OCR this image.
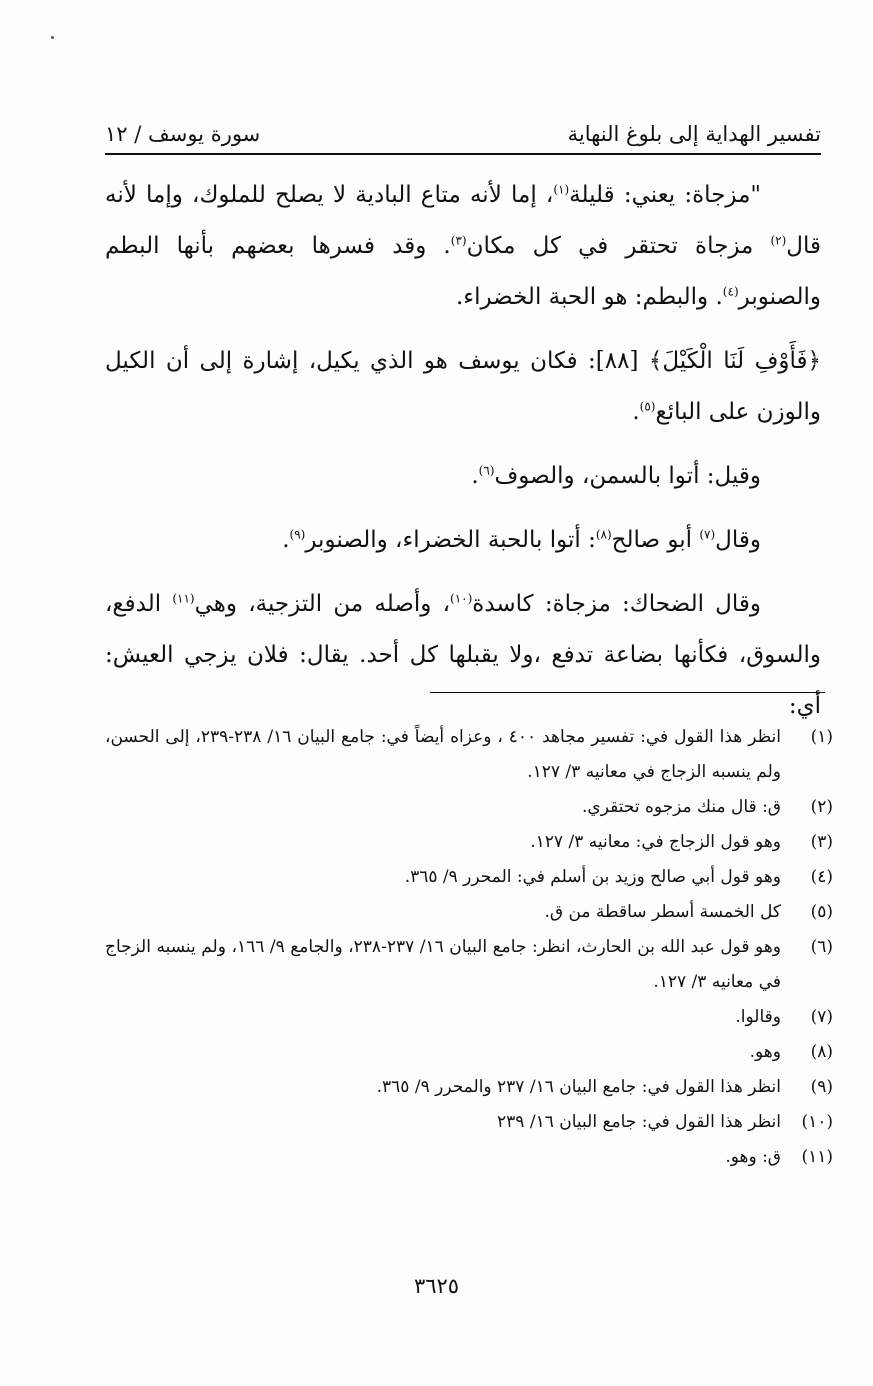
تفسير الهداية إلى بلوغ النهاية
سورة يوسف / ١٢

"مزجاة: يعني: قليلة$^{(١)}$، إما لأنه متاع البادية لا يصلح للملوك، وإما لأنه قال$^{(٢)}$ مزجاة تحتقر في كل مكان$^{(٣)}$. وقد فسرها بعضهم بأنها البطم والصنوبر$^{(٤)}$. والبطم: هو الحبة الخضراء.

﴿فَأَوْفِ لَنَا الْكَيْلَ﴾ [٨٨]: فكان يوسف هو الذي يكيل، إشارة إلى أن الكيل والوزن على البائع$^{(٥)}$.

وقيل: أتوا بالسمن، والصوف$^{(٦)}$.

وقال$^{(٧)}$ أبو صالح$^{(٨)}$: أتوا بالحبة الخضراء، والصنوبر$^{(٩)}$.

وقال الضحاك: مزجاة: كاسدة$^{(١٠)}$، وأصله من التزجية، وهي$^{(١١)}$ الدفع، والسوق، فكأنها بضاعة تدفع ،ولا يقبلها كل أحد. يقال: فلان يزجي العيش: أي:

(١)
انظر هذا القول في: تفسير مجاهد ٤٠٠ ، وعزاه أيضاً في: جامع البيان ١٦/ ٢٣٨-٢٣٩، إلى الحسن، ولم ينسبه الزجاج في معانيه ٣/ ١٢٧.
(٢)
ق: قال منك مزجوه تحتقري.
(٣)
وهو قول الزجاج في: معانيه ٣/ ١٢٧.
(٤)
وهو قول أبي صالح وزيد بن أسلم في: المحرر ٩/ ٣٦٥.
(٥)
كل الخمسة أسطر ساقطة من ق.
(٦)
وهو قول عبد الله بن الحارث، انظر: جامع البيان ١٦/ ٢٣٧-٢٣٨، والجامع ٩/ ١٦٦، ولم ينسبه الزجاج في معانيه ٣/ ١٢٧.
(٧)
وقالوا.
(٨)
وهو.
(٩)
انظر هذا القول في: جامع البيان ١٦/ ٢٣٧ والمحرر ٩/ ٣٦٥.
(١٠)
انظر هذا القول في: جامع البيان ١٦/ ٢٣٩
(١١)
ق: وهو.
٣٦٢٥
